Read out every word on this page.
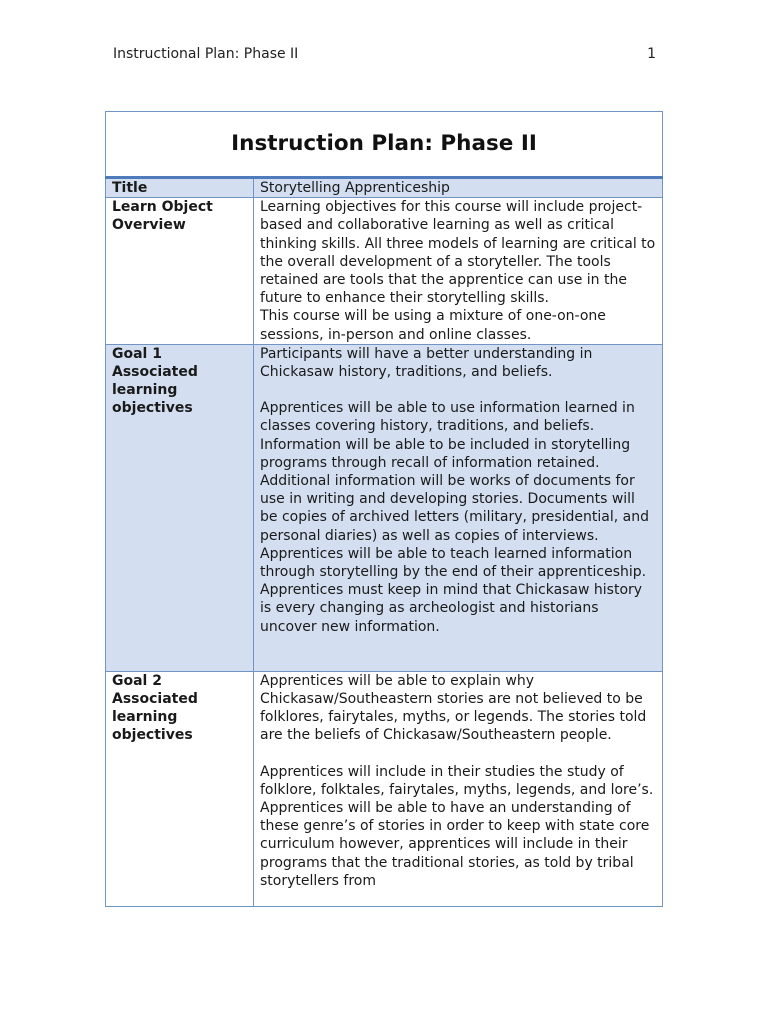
Instructional Plan: Phase II	1
Instruction Plan: Phase II	
Title	Storytelling Apprenticeship

Learn Object Overview	Learning objectives for this course will include project-based and collaborative learning as well as critical thinking skills. All three models of learning are critical to the overall development of a storyteller. The tools retained are tools that the apprentice can use in the future to enhance their storytelling skills.

This course will be using a mixture of one-on-one sessions, in-person and online classes.

Goal 1 Associated learning objectives	Participants will have a better understanding in Chickasaw history, traditions, and beliefs.

Apprentices will be able to use information learned in classes covering history, traditions, and beliefs. Information will be able to be included in storytelling programs through recall of information retained. Additional information will be works of documents for use in writing and developing stories. Documents will be copies of archived letters (military, presidential, and personal diaries) as well as copies of interviews. Apprentices will be able to teach learned information through storytelling by the end of their apprenticeship. Apprentices must keep in mind that Chickasaw history is every changing as archeologist and historians uncover new information.

Goal 2 Associated learning objectives	Apprentices will be able to explain why Chickasaw/Southeastern stories are not believed to be folklores, fairytales, myths, or legends. The stories told are the beliefs of Chickasaw/Southeastern people.

Apprentices will include in their studies the study of folklore, folktales, fairytales, myths, legends, and lore’s. Apprentices will be able to have an understanding of these genre’s of stories in order to keep with state core curriculum however, apprentices will include in their programs that the traditional stories, as told by tribal storytellers from
